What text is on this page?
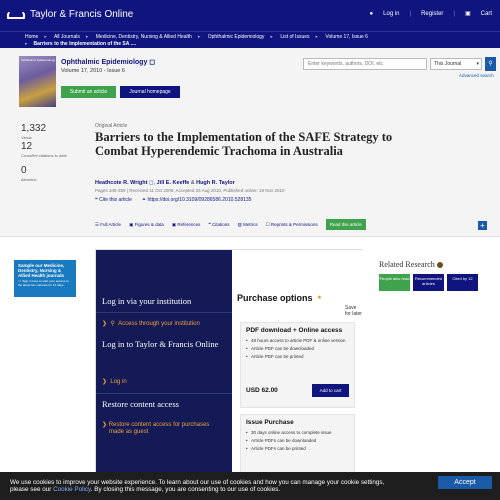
Taylor & Francis Online	● Log in | Register | ▣ Cart
Home ▸ All Journals ▸ Medicine, Dentistry, Nursing & Allied Health ▸ Ophthalmic Epidemiology ▸ List of Issues ▸ Volume 17, Issue 6
▸ Barriers to the Implementation of the SA ....
Ophthalmic Epidemiology Ophthalmic Epidemiology ◻
Volume 17, 2010 - Issue 6
Submit an article	Journal homepage
Enter keywords, authors, DOI, etc	This Journal	▾	⚲
Advanced search
1,332
Views
12
CrossRef citations to date
0
Altmetric
Original Article
Barriers to the Implementation of the SAFE Strategy to Combat Hyperendemic Trachoma in Australia
Heathcote R. Wright ◻, Jill E. Keeffe & Hugh R. Taylor
Pages 349-359 | Received 11 Oct 2009, Accepted 25 Aug 2010, Published online: 19 Nov 2010
❝ Cite this article ⚭ https://doi.org/10.3109/09286586.2010.528135
☰ Full Article ▣ Figures & data ▣ References ❝ Citations ▥ Metrics ☐ Reprints & Permissions	Read this article	+
Sample our Medicine, Dentistry, Nursing & Allied Health journals
>> Sign in here to start your access to the latest two volumes for 14 days
Log in via your institution
❯ ⚲ Access through your institution
Log in to Taylor & Francis Online
❯ Log in
Restore content access
❯ Restore content access for purchases made as guest
Purchase options ★
Save for later
PDF download + Online access
• 48 hours access to article PDF & online version
• Article PDF can be downloaded
• Article PDF can be printed
USD 62.00	Add to cart
Issue Purchase
• 30 days online access to complete issue
• Article PDFs can be downloaded
• Article PDFs can be printed
Related Research
People also read	Recommended articles
Cited by 12
We use cookies to improve your website experience. To learn about our use of cookies and how you can manage your cookie settings,
please see our Cookie Policy. By closing this message, you are consenting to our use of cookies.
Accept
